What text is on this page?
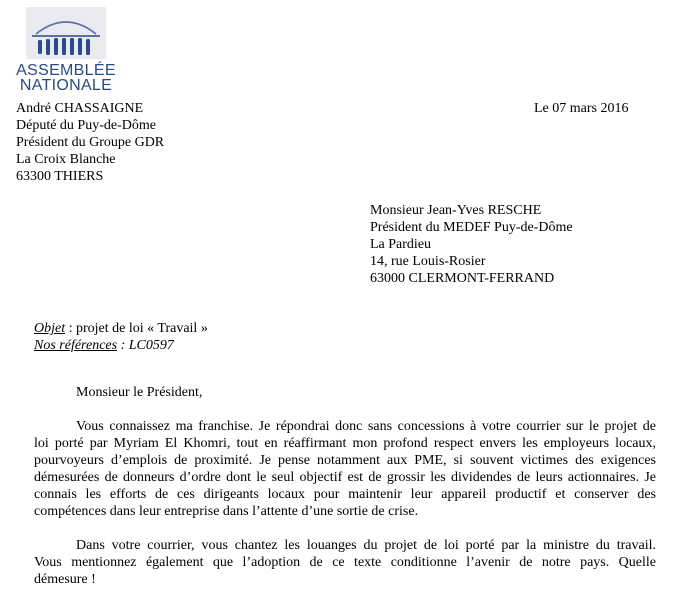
ASSEMBLÉE
NATIONALE
André CHASSAIGNE
Député du Puy-de-Dôme
Président du Groupe GDR
La Croix Blanche
63300 THIERS
Le 07 mars 2016
Monsieur Jean-Yves RESCHE
Président du MEDEF Puy-de-Dôme
La Pardieu
14, rue Louis-Rosier
63000 CLERMONT-FERRAND
Objet : projet de loi « Travail »
Nos références : LC0597
Monsieur le Président,
Vous connaissez ma franchise. Je répondrai donc sans concessions à votre courrier sur le projet de
loi porté par Myriam El Khomri, tout en réaffirmant mon profond respect envers les employeurs locaux,
pourvoyeurs d’emplois de proximité. Je pense notamment aux PME, si souvent victimes des exigences
démesurées de donneurs d’ordre dont le seul objectif est de grossir les dividendes de leurs actionnaires. Je
connais les efforts de ces dirigeants locaux pour maintenir leur appareil productif et conserver des
compétences dans leur entreprise dans l’attente d’une sortie de crise.
Dans votre courrier, vous chantez les louanges du projet de loi porté par la ministre du travail.
Vous mentionnez également que l’adoption de ce texte conditionne l’avenir de notre pays. Quelle
démesure !
